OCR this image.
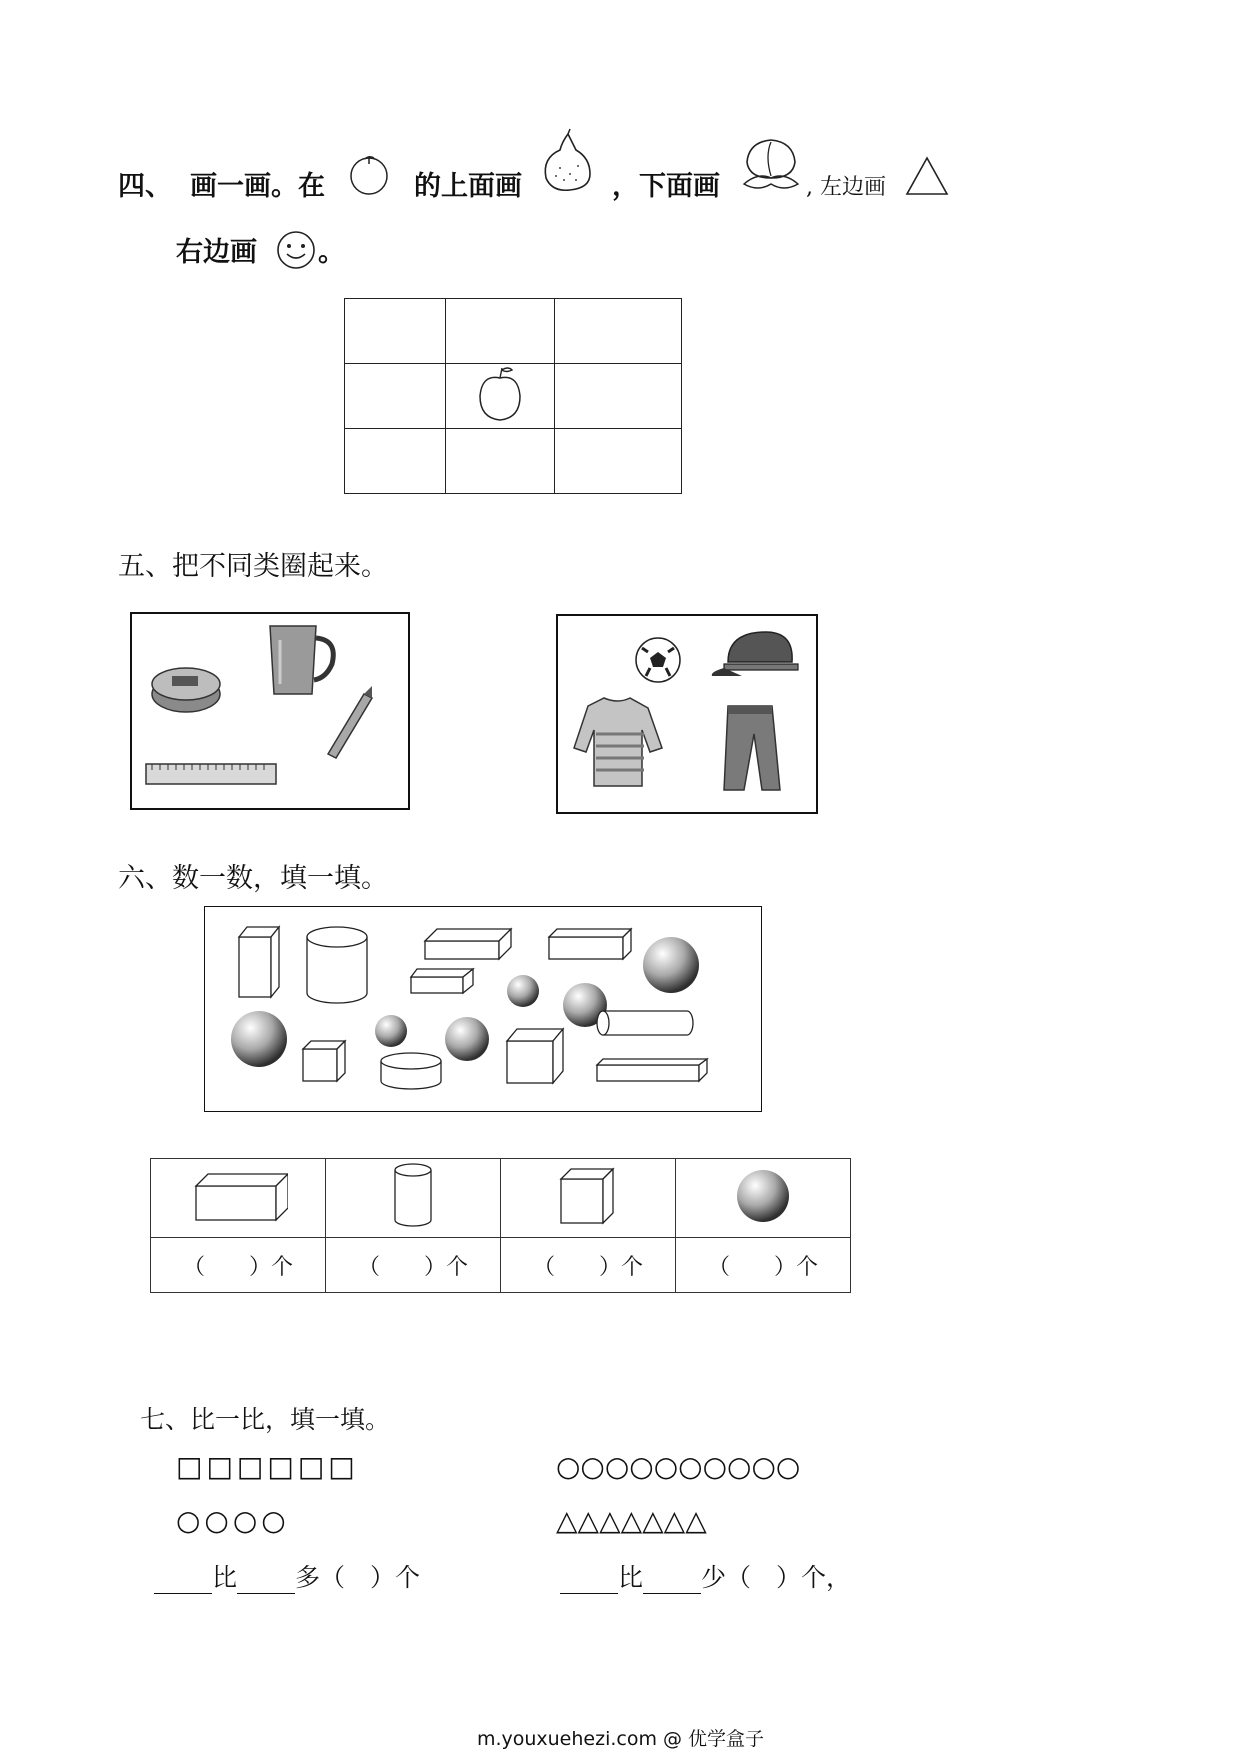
四、 画一画。在	的上面画	，下面画	, 左边画
右边画 。

五、把不同类圈起来。
六、数一数，填一填。

（　　）个	（　　）个	（　　）个	（　　）个
七、比一比，填一填。
□□□□□□	○○○○○○○○○○
○○○○	△△△△△△△
比 多（　）个	比 少（　）个，
m.youxuehezi.com @ 优学盒子
